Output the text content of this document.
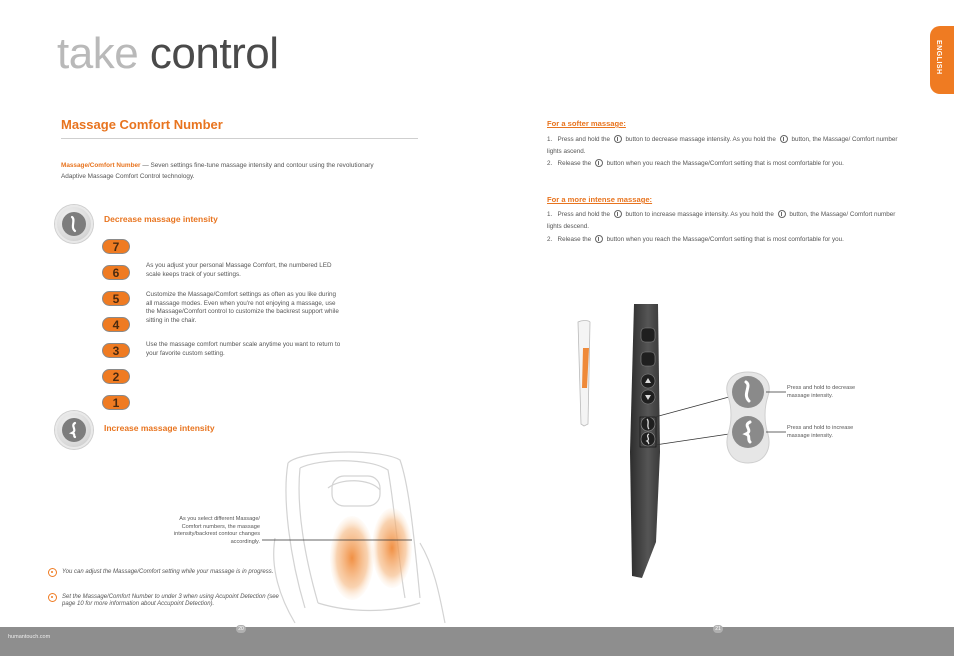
take control	ENGLISH
Massage Comfort Number
Massage/Comfort Number — Seven settings fine-tune massage intensity and contour using the revolutionary Adaptive Massage Comfort Control technology.
Decrease massage intensity
7
6
5
4
3
2
1
As you adjust your personal Massage Comfort, the numbered LED scale keeps track of your settings.
Customize the Massage/Comfort settings as often as you like during all massage modes. Even when you're not enjoying a massage, use the Massage/Comfort control to customize the backrest support while sitting in the chair.
Use the massage comfort number scale anytime you want to return to your favorite custom setting.
Increase massage intensity
As you select different Massage/ Comfort numbers, the massage intensity/backrest contour changes accordingly.
You can adjust the Massage/Comfort setting while your massage is in progress.
Set the Massage/Comfort Number to under 3 when using Acupoint Detection (see page 10 for more information about Accupoint Detection).
For a softer massage:
1. Press and hold the button to decrease massage intensity. As you hold the button, the Massage/ Comfort number lights ascend.
2. Release the button when you reach the Massage/Comfort setting that is most comfortable for you.
For a more intense massage:
1. Press and hold the button to increase massage intensity. As you hold the button, the Massage/ Comfort number lights descend.
2. Release the button when you reach the Massage/Comfort setting that is most comfortable for you.
Press and hold to decrease massage intensity.
Press and hold to increase massage intensity.
humantouch.com
20	21
